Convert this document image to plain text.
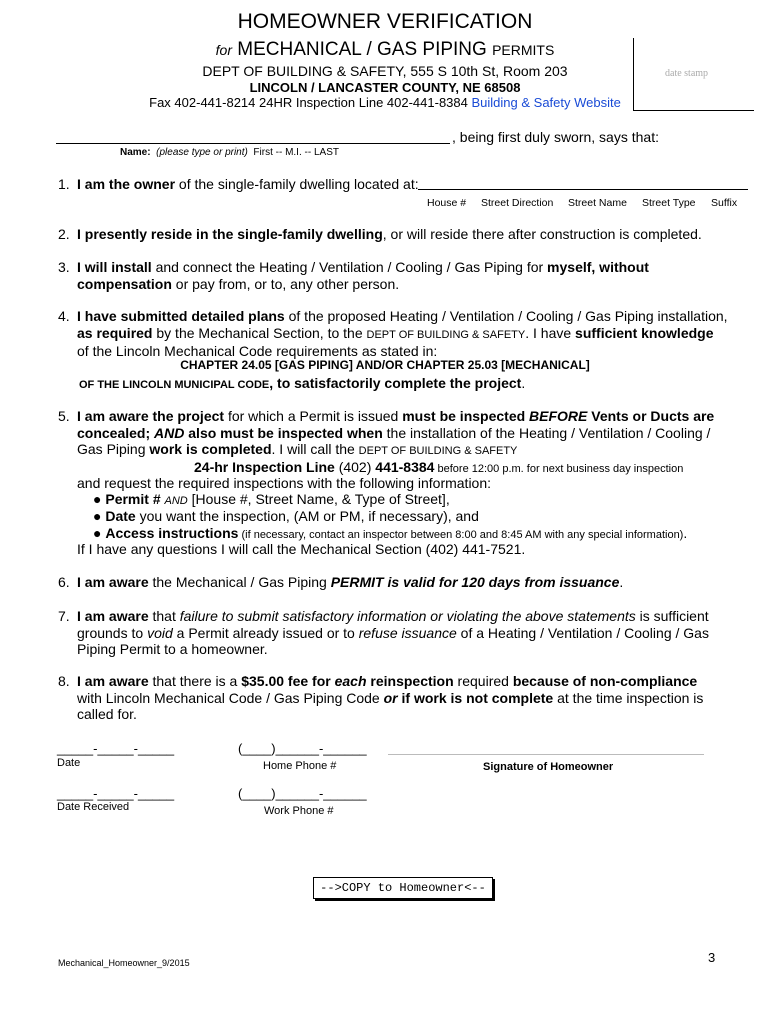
HOMEOWNER VERIFICATION
for MECHANICAL / GAS PIPING PERMITS
DEPT OF BUILDING & SAFETY, 555 S 10th St, Room 203
LINCOLN / LANCASTER COUNTY, NE 68508
Fax 402-441-8214 24HR Inspection Line 402-441-8384 Building & Safety Website
date stamp
, being first duly sworn, says that:
Name: (please type or print) First -- M.I. -- LAST
1. I am the owner of the single-family dwelling located at:
House # Street Direction Street Name Street Type Suffix
2. I presently reside in the single-family dwelling, or will reside there after construction is completed.
3. I will install and connect the Heating / Ventilation / Cooling / Gas Piping for myself, without
compensation or pay from, or to, any other person.
4. I have submitted detailed plans of the proposed Heating / Ventilation / Cooling / Gas Piping installation,
as required by the Mechanical Section, to the DEPT OF BUILDING & SAFETY. I have sufficient knowledge
of the Lincoln Mechanical Code requirements as stated in:
CHAPTER 24.05 [GAS PIPING] AND/OR CHAPTER 25.03 [MECHANICAL]
OF THE LINCOLN MUNICIPAL CODE, to satisfactorily complete the project.
5. I am aware the project for which a Permit is issued must be inspected BEFORE Vents or Ducts are
concealed; AND also must be inspected when the installation of the Heating / Ventilation / Cooling /
Gas Piping work is completed. I will call the DEPT OF BUILDING & SAFETY
24-hr Inspection Line (402) 441-8384 before 12:00 p.m. for next business day inspection
and request the required inspections with the following information:
● Permit # AND [House #, Street Name, & Type of Street],
● Date you want the inspection, (AM or PM, if necessary), and
● Access instructions (if necessary, contact an inspector between 8:00 and 8:45 AM with any special information).
If I have any questions I will call the Mechanical Section (402) 441-7521.
6. I am aware the Mechanical / Gas Piping PERMIT is valid for 120 days from issuance.
7. I am aware that failure to submit satisfactory information or violating the above statements is sufficient
grounds to void a Permit already issued or to refuse issuance of a Heating / Ventilation / Cooling / Gas
Piping Permit to a homeowner.
8. I am aware that there is a $35.00 fee for each reinspection required because of non-compliance
with Lincoln Mechanical Code / Gas Piping Code or if work is not complete at the time inspection is
called for.
_____-_____-_____
Date
(____)______-______
Home Phone #	Signature of Homeowner
_____-_____-_____
Date Received
(____)______-______
Work Phone #
-->COPY to Homeowner<--
Mechanical_Homeowner_9/2015	3
